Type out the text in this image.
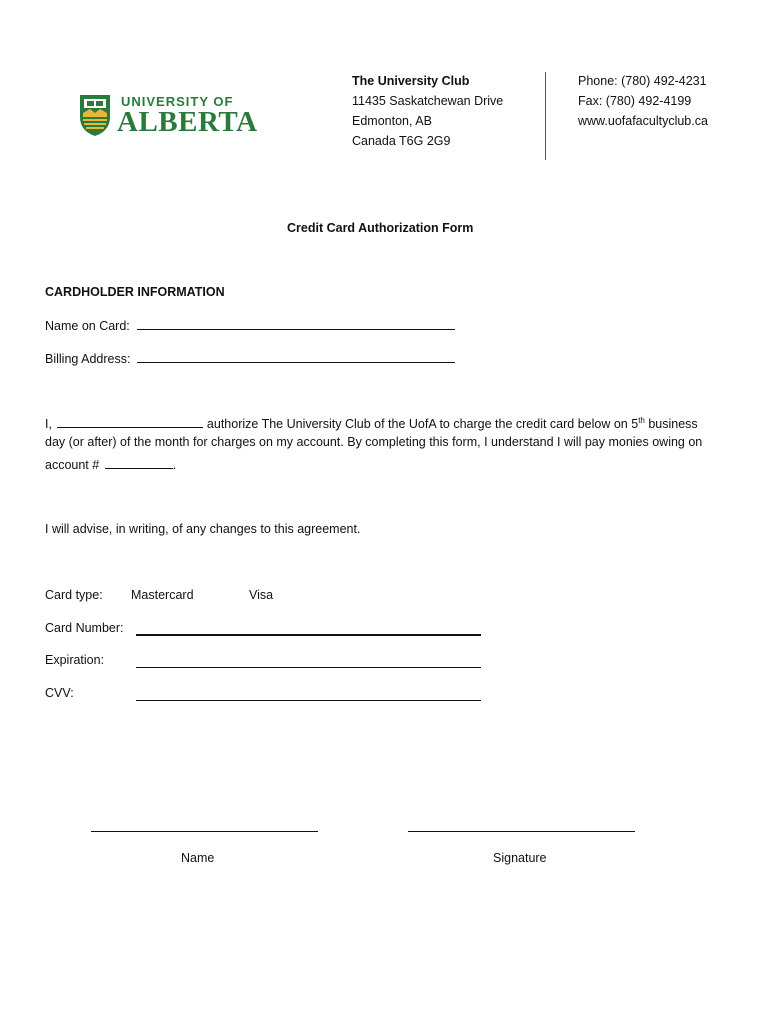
UNIVERSITY OF
ALBERTA
The University Club
11435 Saskatchewan Drive
Edmonton, AB
Canada T6G 2G9
Phone: (780) 492-4231
Fax: (780) 492-4199
www.uofafacultyclub.ca
Credit Card Authorization Form
CARDHOLDER INFORMATION
Name on Card:
Billing Address:
I,	authorize The University Club of the UofA to charge the credit card below on 5th business
day (or after) of the month for charges on my account. By completing this form, I understand I will pay monies owing on
account #	.
I will advise, in writing, of any changes to this agreement.
Card type: Mastercard	Visa
Card Number:
Expiration:
CVV:
Name	Signature
